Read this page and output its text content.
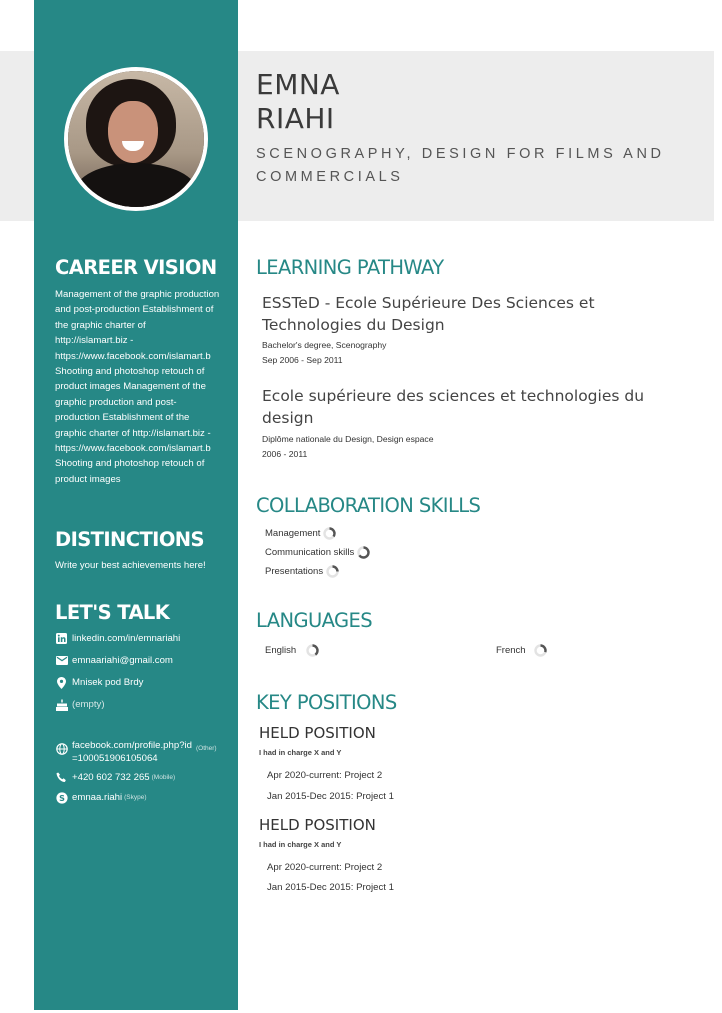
EMNA
RIAHI
SCENOGRAPHY, DESIGN FOR FILMS AND COMMERCIALS
CAREER VISION
Management of the graphic production and post-production Establishment of the graphic charter of http://islamart.biz - https://www.facebook.com/islamart.b Shooting and photoshop retouch of product images Management of the graphic production and post-production Establishment of the graphic charter of http://islamart.biz - https://www.facebook.com/islamart.b Shooting and photoshop retouch of product images
DISTINCTIONS
Write your best achievements here!
LET'S TALK
linkedin.com/in/emnariahi
emnaariahi@gmail.com
Mnisek pod Brdy
(empty)
facebook.com/profile.php?id=100051906105064
(Other)
+420 602 732 265 (Mobile)
S emnaa.riahi (Skype)
LEARNING PATHWAY
ESSTeD - Ecole Supérieure Des Sciences et Technologies du Design
Bachelor's degree, Scenography
Sep 2006 - Sep 2011
Ecole supérieure des sciences et technologies du design
Diplôme nationale du Design, Design espace
2006 - 2011
COLLABORATION SKILLS
Management
Communication skills
Presentations
LANGUAGES
English	French
KEY POSITIONS
HELD POSITION
I had in charge X and Y
Apr 2020-current: Project 2
Jan 2015-Dec 2015: Project 1
HELD POSITION
I had in charge X and Y
Apr 2020-current: Project 2
Jan 2015-Dec 2015: Project 1
